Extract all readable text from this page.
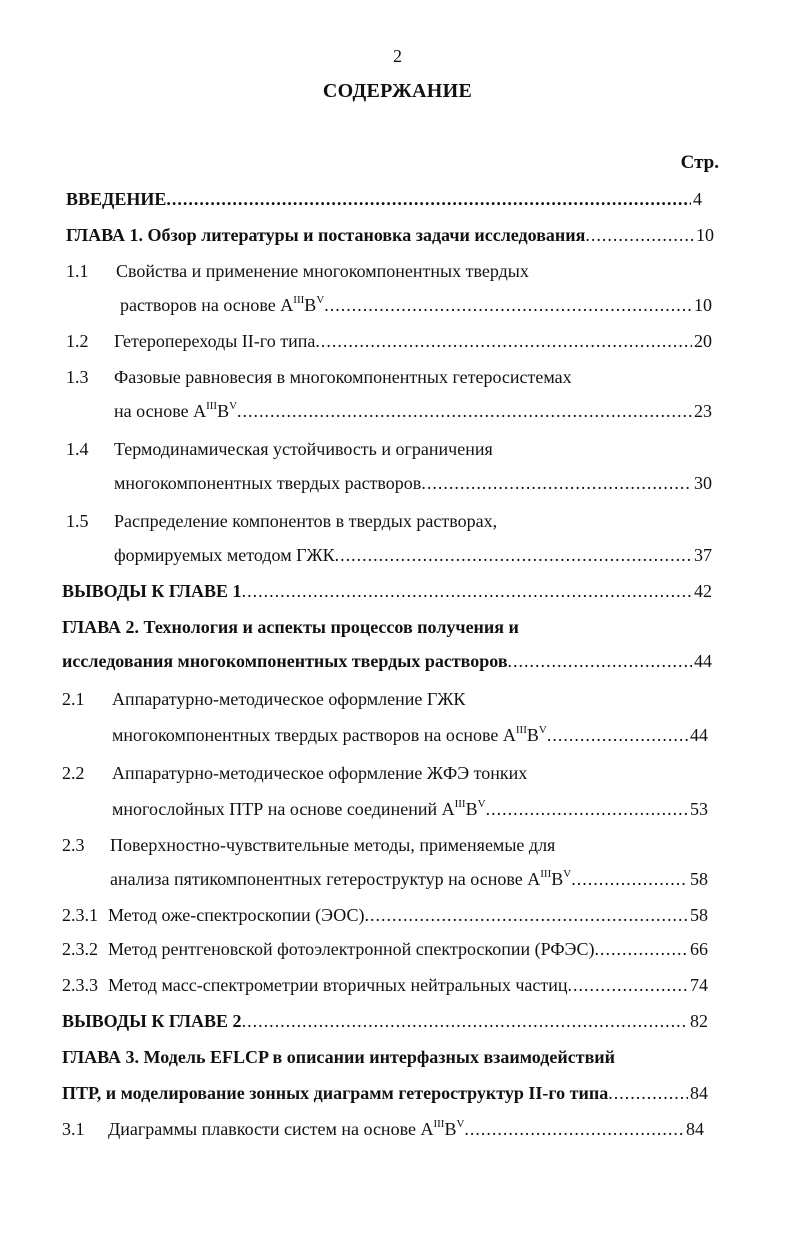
2
СОДЕРЖАНИЕ
Стр.
ВВЕДЕНИЕ .....	4
ГЛАВА 1. Обзор литературы и постановка задачи исследования .....	10
1.1 Свойства и применение многокомпонентных твердых
растворов на основе $А^{III}В^V$ .....	10
1.2 Гетеропереходы II-го типа .....	20
1.3 Фазовые равновесия в многокомпонентных гетеросистемах
на основе $А^{III}В^V$ .....	23
1.4 Термодинамическая устойчивость и ограничения
многокомпонентных твердых растворов .....	30
1.5 Распределение компонентов в твердых растворах,
формируемых методом ГЖК .....	37
ВЫВОДЫ К ГЛАВЕ 1 .....	42
ГЛАВА 2. Технология и аспекты процессов получения и
исследования многокомпонентных твердых растворов .....	44
2.1 Аппаратурно-методическое оформление ГЖК
многокомпонентных твердых растворов на основе $А^{III}В^V$ .....	44
2.2 Аппаратурно-методическое оформление ЖФЭ тонких
многослойных ПТР на основе соединений $А^{III}В^V$ .....	53
2.3 Поверхностно-чувствительные методы, применяемые для
анализа пятикомпонентных гетероструктур на основе $А^{III}В^V$ .....	58
2.3.1 Метод оже-спектроскопии (ЭОС) .....	58
2.3.2 Метод рентгеновской фотоэлектронной спектроскопии (РФЭС) .....	66
2.3.3 Метод масс-спектрометрии вторичных нейтральных частиц .....	74
ВЫВОДЫ К ГЛАВЕ 2 .....	82
ГЛАВА 3. Модель EFLCP в описании интерфазных взаимодействий
ПТР, и моделирование зонных диаграмм гетероструктур II-го типа .....	84
3.1 Диаграммы плавкости систем на основе $А^{III}В^V$ .....	84
